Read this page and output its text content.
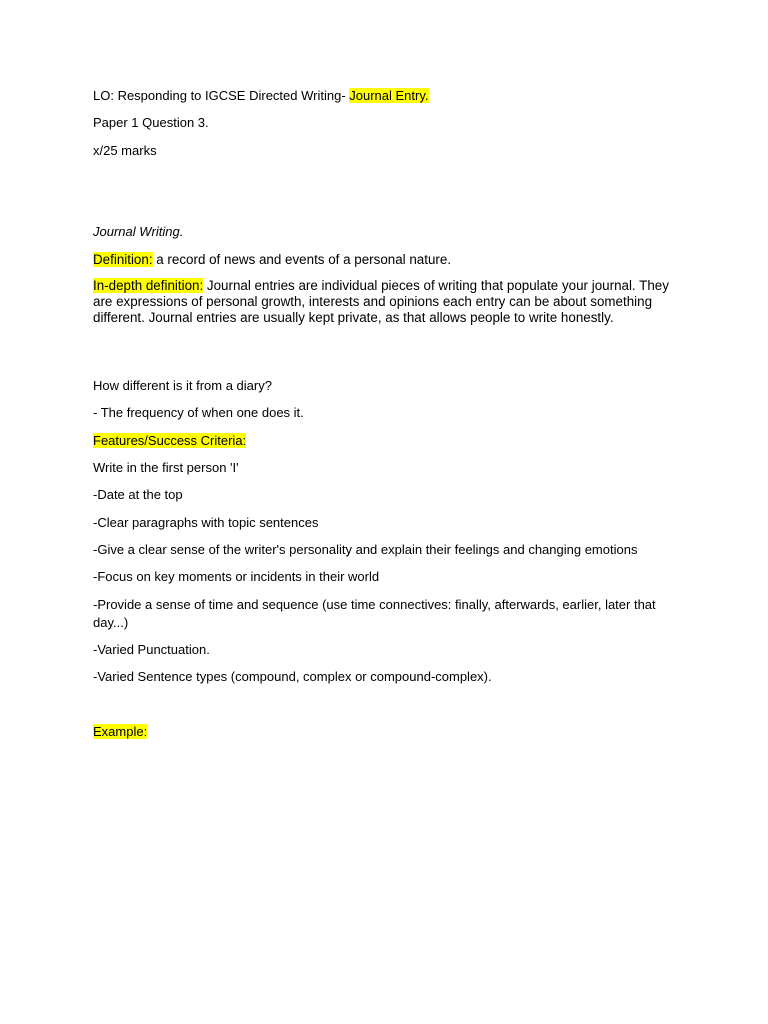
LO: Responding to IGCSE Directed Writing- Journal Entry.

Paper 1 Question 3.

x/25 marks

Journal Writing.

Definition: a record of news and events of a personal nature.

In-depth definition: Journal entries are individual pieces of writing that populate your journal. They are expressions of personal growth, interests and opinions each entry can be about something different. Journal entries are usually kept private, as that allows people to write honestly.

How different is it from a diary?

- The frequency of when one does it.

Features/Success Criteria:

Write in the first person 'I'

-Date at the top

-Clear paragraphs with topic sentences

-Give a clear sense of the writer's personality and explain their feelings and changing emotions

-Focus on key moments or incidents in their world

-Provide a sense of time and sequence (use time connectives: finally, afterwards, earlier, later that

day...)

-Varied Punctuation.

-Varied Sentence types (compound, complex or compound-complex).

Example:
